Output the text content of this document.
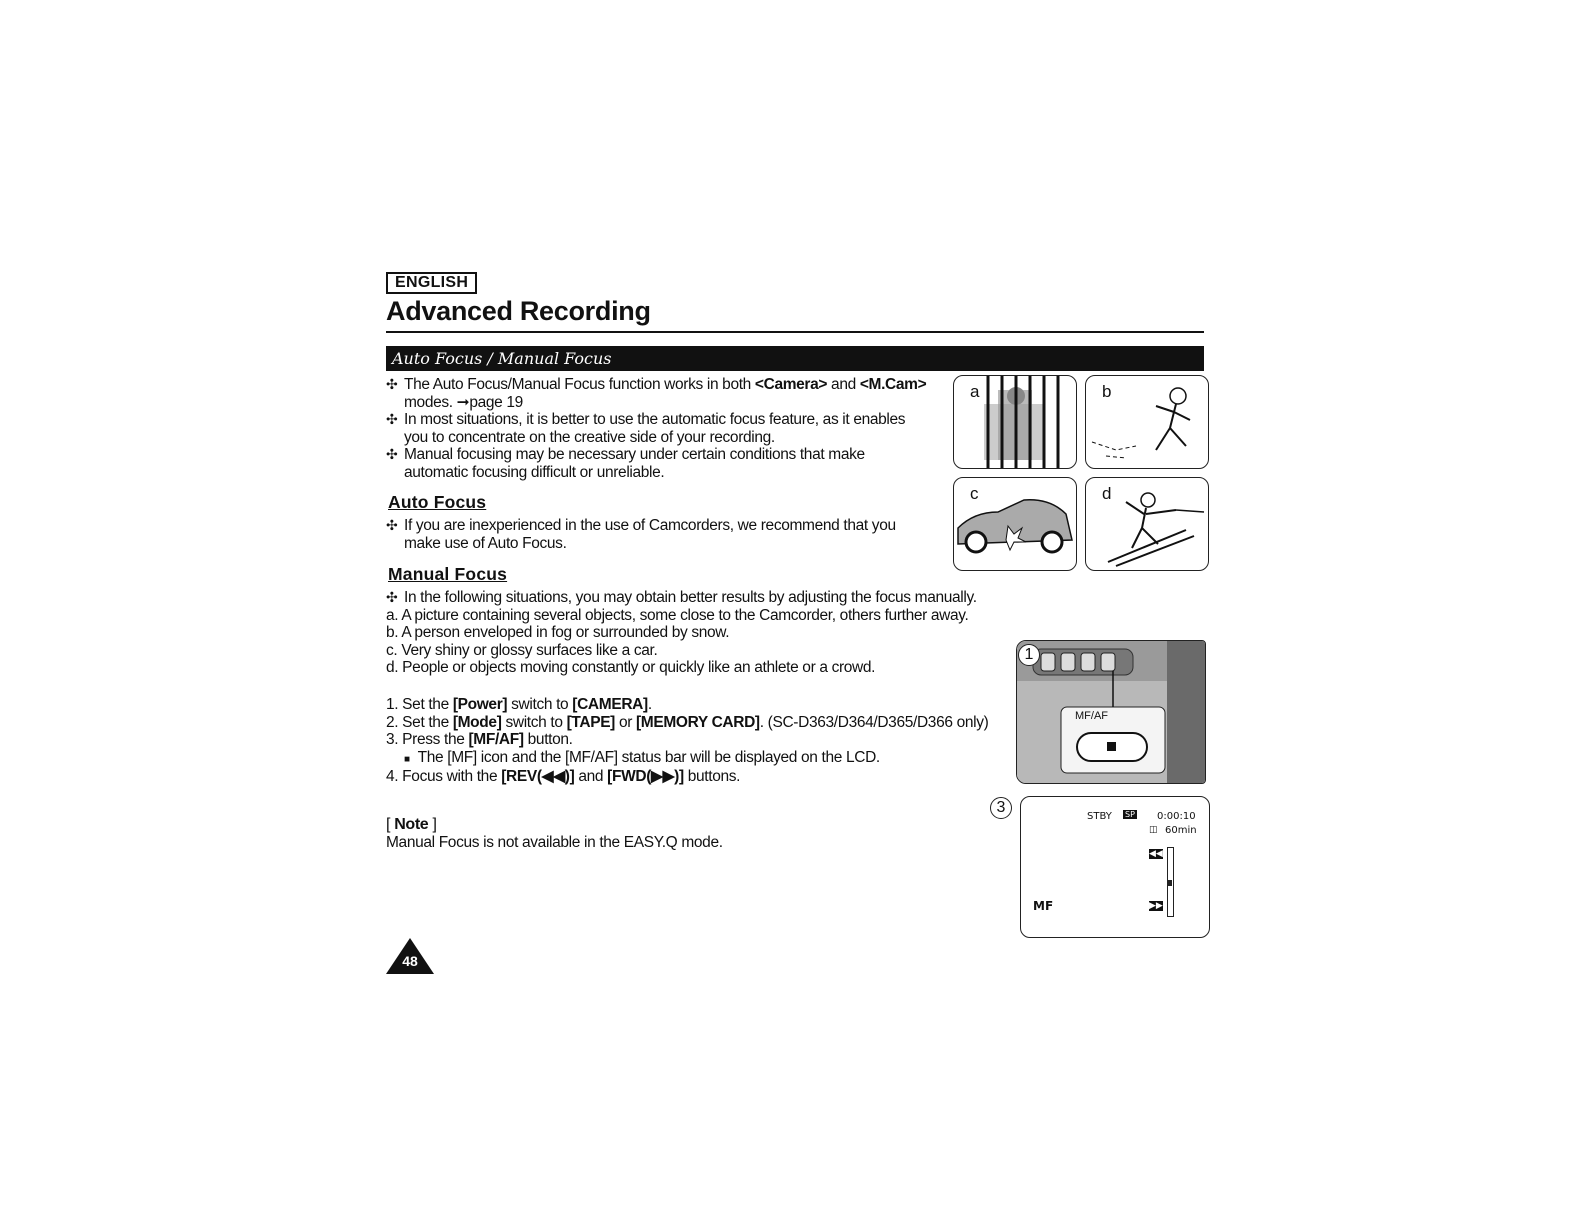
ENGLISH
Advanced Recording
Auto Focus / Manual Focus
✣ The Auto Focus/Manual Focus function works in both <Camera> and <M.Cam>
modes. ➞page 19
✣ In most situations, it is better to use the automatic focus feature, as it enables
you to concentrate on the creative side of your recording.
✣ Manual focusing may be necessary under certain conditions that make
automatic focusing difficult or unreliable.
Auto Focus
✣ If you are inexperienced in the use of Camcorders, we recommend that you
make use of Auto Focus.
Manual Focus
✣ In the following situations, you may obtain better results by adjusting the focus manually.
a. A picture containing several objects, some close to the Camcorder, others further away.
b. A person enveloped in fog or surrounded by snow.
c. Very shiny or glossy surfaces like a car.
d. People or objects moving constantly or quickly like an athlete or a crowd.
1. Set the [Power] switch to [CAMERA].
2. Set the [Mode] switch to [TAPE] or [MEMORY CARD]. (SC-D363/D364/D365/D366 only)
3. Press the [MF/AF] button.
■ The [MF] icon and the [MF/AF] status bar will be displayed on the LCD.
4. Focus with the [REV(◀◀)] and [FWD(▶▶)] buttons.
[ Note ]
Manual Focus is not available in the EASY.Q mode.
a	b
c	d
MF/AF
1
3
STBY SP 0:00:10
◫ 60min
MF
◀◀
▶▶
48
